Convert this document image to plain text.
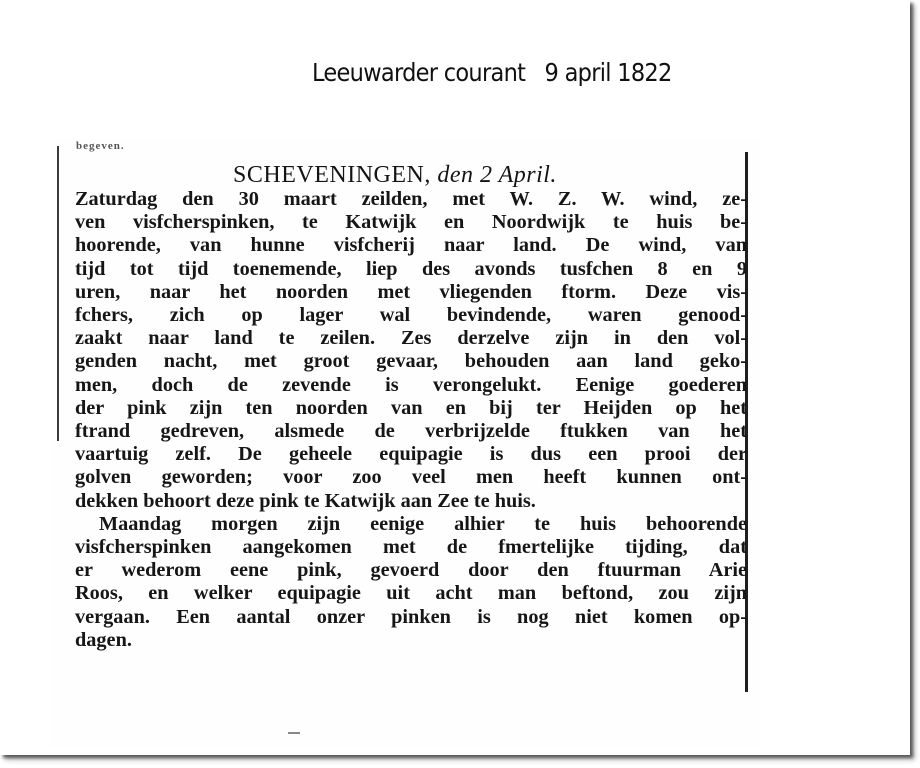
Leeuwarder courant 9 april 1822
begeven.
SCHEVENINGEN, den 2 April.
Zaturdag den 30 maart zeilden, met W. Z. W. wind, ze-
ven visfcherspinken, te Katwijk en Noordwijk te huis be-
hoorende, van hunne visfcherij naar land. De wind, van
tijd tot tijd toenemende, liep des avonds tusfchen 8 en 9
uren, naar het noorden met vliegenden ftorm. Deze vis-
fchers, zich op lager wal bevindende, waren genood-
zaakt naar land te zeilen. Zes derzelve zijn in den vol-
genden nacht, met groot gevaar, behouden aan land geko-
men, doch de zevende is verongelukt. Eenige goederen
der pink zijn ten noorden van en bij ter Heijden op het
ftrand gedreven, alsmede de verbrijzelde ftukken van het
vaartuig zelf. De geheele equipagie is dus een prooi der
golven geworden; voor zoo veel men heeft kunnen ont-
dekken behoort deze pink te Katwijk aan Zee te huis.
Maandag morgen zijn eenige alhier te huis behoorende
visfcherspinken aangekomen met de fmertelijke tijding, dat
er wederom eene pink, gevoerd door den ftuurman Arie
Roos, en welker equipagie uit acht man beftond, zou zijn
vergaan. Een aantal onzer pinken is nog niet komen op-
dagen.
